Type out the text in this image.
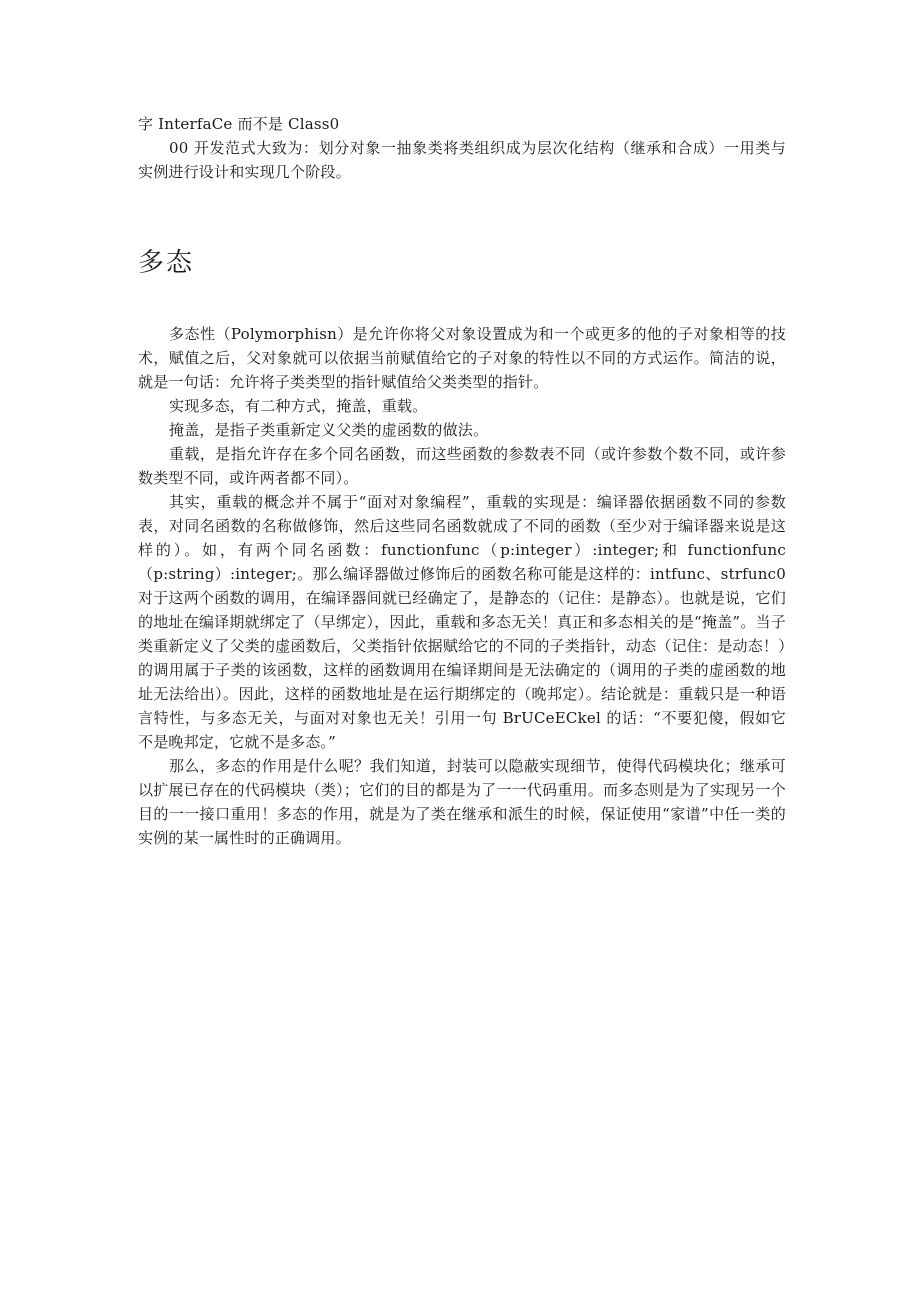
字 InterfaCe 而不是 Class0

00 开发范式大致为：划分对象一抽象类将类组织成为层次化结构（继承和合成）一用类与实例进行设计和实现几个阶段。

多态

多态性（Polymorphisn）是允许你将父对象设置成为和一个或更多的他的子对象相等的技术，赋值之后，父对象就可以依据当前赋值给它的子对象的特性以不同的方式运作。简洁的说，就是一句话：允许将子类类型的指针赋值给父类类型的指针。

实现多态，有二种方式，掩盖，重载。

掩盖，是指子类重新定义父类的虚函数的做法。

重载，是指允许存在多个同名函数，而这些函数的参数表不同（或许参数个数不同，或许参数类型不同，或许两者都不同）。

其实，重载的概念并不属于“面对对象编程”，重载的实现是：编译器依据函数不同的参数表，对同名函数的名称做修饰，然后这些同名函数就成了不同的函数（至少对于编译器来说是这样的）。如，有两个同名函数：functionfunc（p:integer）:integer;和 functionfunc（p:string）:integer;。那么编译器做过修饰后的函数名称可能是这样的：intfunc、strfunc0 对于这两个函数的调用，在编译器间就已经确定了，是静态的（记住：是静态）。也就是说，它们的地址在编译期就绑定了（早绑定），因此，重载和多态无关！真正和多态相关的是“掩盖”。当子类重新定义了父类的虚函数后，父类指针依据赋给它的不同的子类指针，动态（记住：是动态！）的调用属于子类的该函数，这样的函数调用在编译期间是无法确定的（调用的子类的虚函数的地址无法给出）。因此，这样的函数地址是在运行期绑定的（晚邦定）。结论就是：重载只是一种语言特性，与多态无关，与面对对象也无关！引用一句 BrUCeECkel 的话：“不要犯傻，假如它不是晚邦定，它就不是多态。”

那么，多态的作用是什么呢？我们知道，封装可以隐蔽实现细节，使得代码模块化；继承可以扩展已存在的代码模块（类）；它们的目的都是为了一一代码重用。而多态则是为了实现另一个目的一一接口重用！多态的作用，就是为了类在继承和派生的时候，保证使用“家谱”中任一类的实例的某一属性时的正确调用。
